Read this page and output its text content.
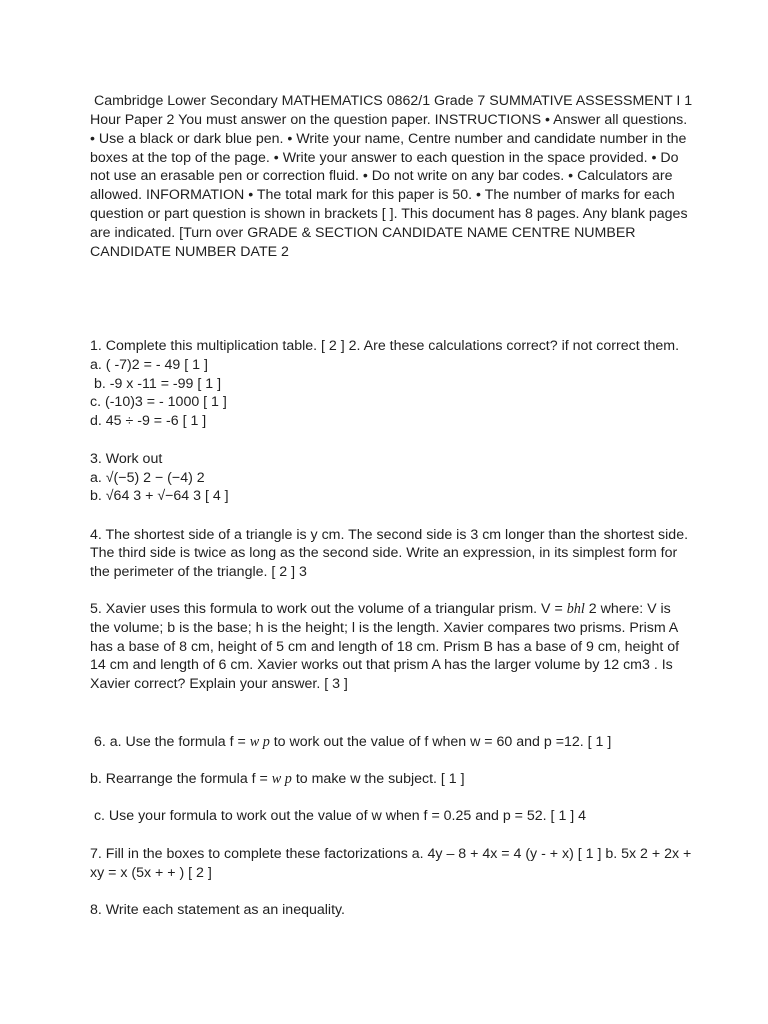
Cambridge Lower Secondary MATHEMATICS 0862/1 Grade 7 SUMMATIVE ASSESSMENT I 1
Hour Paper 2 You must answer on the question paper. INSTRUCTIONS • Answer all questions.
• Use a black or dark blue pen. • Write your name, Centre number and candidate number in the
boxes at the top of the page. • Write your answer to each question in the space provided. • Do
not use an erasable pen or correction fluid. • Do not write on any bar codes. • Calculators are
allowed. INFORMATION • The total mark for this paper is 50. • The number of marks for each
question or part question is shown in brackets [ ]. This document has 8 pages. Any blank pages
are indicated. [Turn over GRADE & SECTION CANDIDATE NAME CENTRE NUMBER
CANDIDATE NUMBER DATE 2
1. Complete this multiplication table. [ 2 ] 2. Are these calculations correct? if not correct them.
a. ( -7)2 = - 49 [ 1 ]
b. -9 x -11 = -99 [ 1 ]
c. (-10)3 = - 1000 [ 1 ]
d. 45 ÷ -9 = -6 [ 1 ]
3. Work out
a. √(−5) 2 − (−4) 2
b. √64 3 + √−64 3 [ 4 ]
4. The shortest side of a triangle is y cm. The second side is 3 cm longer than the shortest side.
The third side is twice as long as the second side. Write an expression, in its simplest form for
the perimeter of the triangle. [ 2 ] 3
5. Xavier uses this formula to work out the volume of a triangular prism. V = bhl 2 where: V is
the volume; b is the base; h is the height; l is the length. Xavier compares two prisms. Prism A
has a base of 8 cm, height of 5 cm and length of 18 cm. Prism B has a base of 9 cm, height of
14 cm and length of 6 cm. Xavier works out that prism A has the larger volume by 12 cm3 . Is
Xavier correct? Explain your answer. [ 3 ]
6. a. Use the formula f = w p to work out the value of f when w = 60 and p =12. [ 1 ]
b. Rearrange the formula f = w p to make w the subject. [ 1 ]
c. Use your formula to work out the value of w when f = 0.25 and p = 52. [ 1 ] 4
7. Fill in the boxes to complete these factorizations a. 4y – 8 + 4x = 4 (y - + x) [ 1 ] b. 5x 2 + 2x +
xy = x (5x + + ) [ 2 ]
8. Write each statement as an inequality.
